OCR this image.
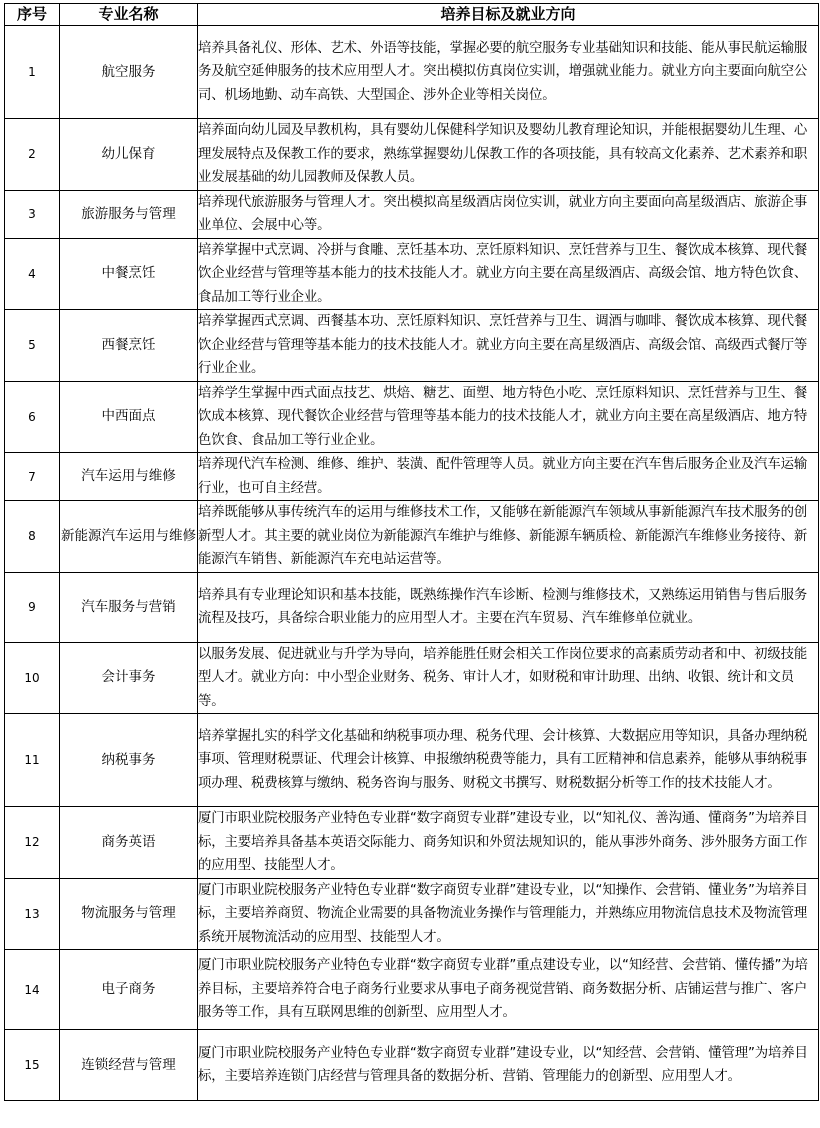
序号	专业名称	培养目标及就业方向
1	航空服务	培养具备礼仪、形体、艺术、外语等技能，掌握必要的航空服务专业基础知识和技能、能从事民航运输服务及航空延伸服务的技术应用型人才。突出模拟仿真岗位实训，增强就业能力。就业方向主要面向航空公司、机场地勤、动车高铁、大型国企、涉外企业等相关岗位。
2	幼儿保育	培养面向幼儿园及早教机构，具有婴幼儿保健科学知识及婴幼儿教育理论知识，并能根据婴幼儿生理、心理发展特点及保教工作的要求，熟练掌握婴幼儿保教工作的各项技能，具有较高文化素养、艺术素养和职业发展基础的幼儿园教师及保教人员。
3	旅游服务与管理	培养现代旅游服务与管理人才。突出模拟高星级酒店岗位实训，就业方向主要面向高星级酒店、旅游企事业单位、会展中心等。
4	中餐烹饪	培养掌握中式烹调、冷拼与食雕、烹饪基本功、烹饪原料知识、烹饪营养与卫生、餐饮成本核算、现代餐饮企业经营与管理等基本能力的技术技能人才。就业方向主要在高星级酒店、高级会馆、地方特色饮食、食品加工等行业企业。
5	西餐烹饪	培养掌握西式烹调、西餐基本功、烹饪原料知识、烹饪营养与卫生、调酒与咖啡、餐饮成本核算、现代餐饮企业经营与管理等基本能力的技术技能人才。就业方向主要在高星级酒店、高级会馆、高级西式餐厅等行业企业。
6	中西面点	培养学生掌握中西式面点技艺、烘焙、糖艺、面塑、地方特色小吃、烹饪原料知识、烹饪营养与卫生、餐饮成本核算、现代餐饮企业经营与管理等基本能力的技术技能人才，就业方向主要在高星级酒店、地方特色饮食、食品加工等行业企业。
7	汽车运用与维修	培养现代汽车检测、维修、维护、装潢、配件管理等人员。就业方向主要在汽车售后服务企业及汽车运输行业，也可自主经营。
8	新能源汽车运用与维修	培养既能够从事传统汽车的运用与维修技术工作，又能够在新能源汽车领域从事新能源汽车技术服务的创新型人才。其主要的就业岗位为新能源汽车维护与维修、新能源车辆质检、新能源汽车维修业务接待、新能源汽车销售、新能源汽车充电站运营等。
9	汽车服务与营销	培养具有专业理论知识和基本技能，既熟练操作汽车诊断、检测与维修技术，又熟练运用销售与售后服务流程及技巧，具备综合职业能力的应用型人才。主要在汽车贸易、汽车维修单位就业。
10	会计事务	以服务发展、促进就业与升学为导向，培养能胜任财会相关工作岗位要求的高素质劳动者和中、初级技能型人才。就业方向：中小型企业财务、税务、审计人才，如财税和审计助理、出纳、收银、统计和文员等。
11	纳税事务	培养掌握扎实的科学文化基础和纳税事项办理、税务代理、会计核算、大数据应用等知识，具备办理纳税事项、管理财税票证、代理会计核算、申报缴纳税费等能力，具有工匠精神和信息素养，能够从事纳税事项办理、税费核算与缴纳、税务咨询与服务、财税文书撰写、财税数据分析等工作的技术技能人才。
12	商务英语	厦门市职业院校服务产业特色专业群“数字商贸专业群”建设专业，以“知礼仪、善沟通、懂商务”为培养目标，主要培养具备基本英语交际能力、商务知识和外贸法规知识的，能从事涉外商务、涉外服务方面工作的应用型、技能型人才。
13	物流服务与管理	厦门市职业院校服务产业特色专业群“数字商贸专业群”建设专业，以“知操作、会营销、懂业务”为培养目标，主要培养商贸、物流企业需要的具备物流业务操作与管理能力，并熟练应用物流信息技术及物流管理系统开展物流活动的应用型、技能型人才。
14	电子商务	厦门市职业院校服务产业特色专业群“数字商贸专业群”重点建设专业，以“知经营、会营销、懂传播”为培养目标，主要培养符合电子商务行业要求从事电子商务视觉营销、商务数据分析、店铺运营与推广、客户服务等工作，具有互联网思维的创新型、应用型人才。
15	连锁经营与管理	厦门市职业院校服务产业特色专业群“数字商贸专业群”建设专业，以“知经营、会营销、懂管理”为培养目标，主要培养连锁门店经营与管理具备的数据分析、营销、管理能力的创新型、应用型人才。
